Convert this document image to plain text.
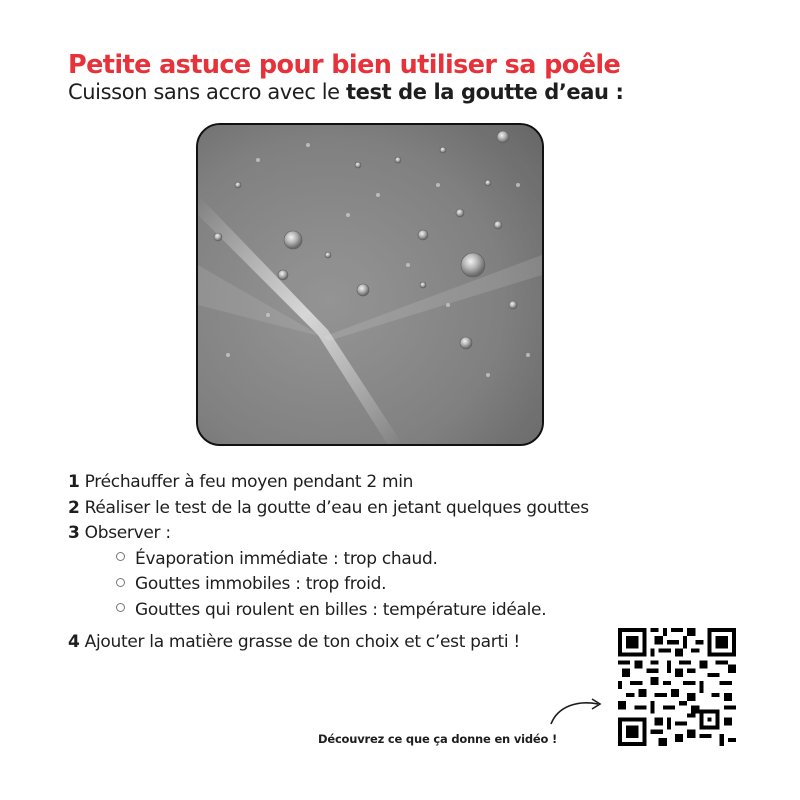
Petite astuce pour bien utiliser sa poêle
Cuisson sans accro avec le test de la goutte d’eau :
1 Préchauffer à feu moyen pendant 2 min
2 Réaliser le test de la goutte d’eau en jetant quelques gouttes
3 Observer :
Évaporation immédiate : trop chaud.
Gouttes immobiles : trop froid.
Gouttes qui roulent en billes : température idéale.
4 Ajouter la matière grasse de ton choix et c’est parti !
Découvrez ce que ça donne en vidéo !
